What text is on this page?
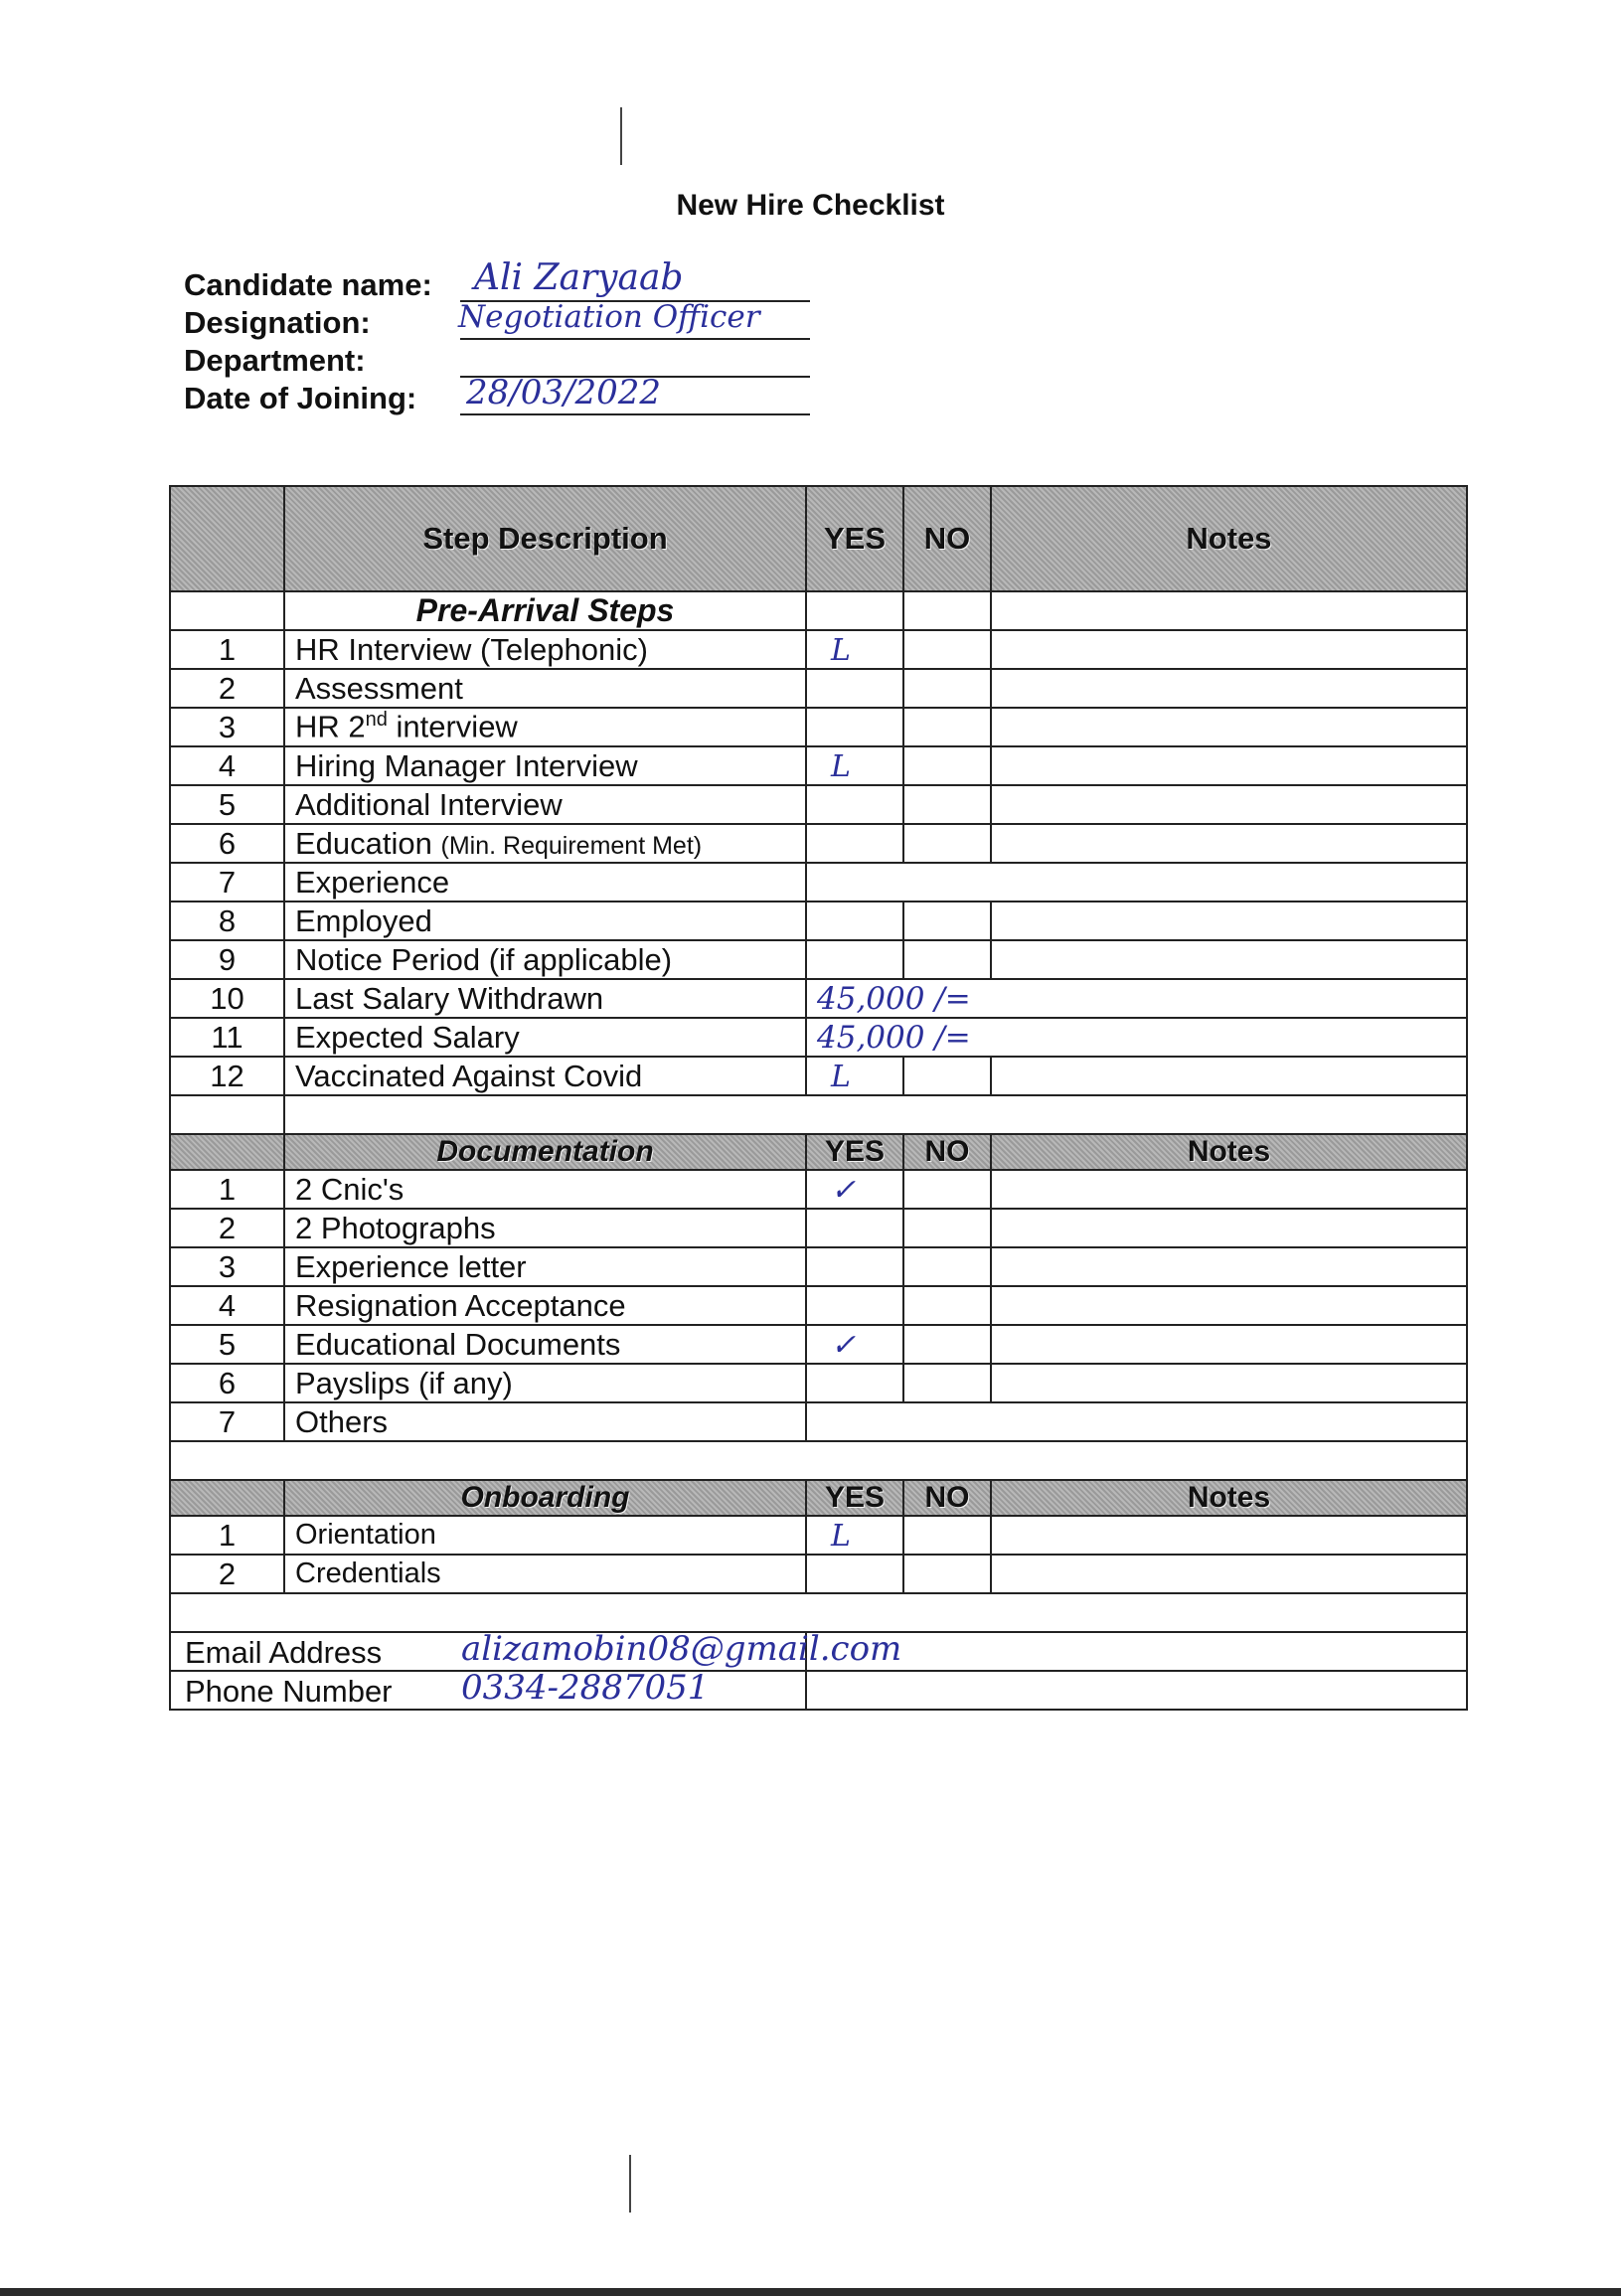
New Hire Checklist
Candidate name: Ali Zaryaab
Designation:	Negotiation Officer
Department:
Date of Joining: 28/03/2022
	Step Description	YES	NO	Notes
	Pre-Arrival Steps			
1	HR Interview (Telephonic)	L		
2	Assessment			
3	HR 2nd interview			
4	Hiring Manager Interview	L		
5	Additional Interview			
6	Education (Min. Requirement Met)			
7	Experience			
8	Employed			
9	Notice Period (if applicable)			
10	Last Salary Withdrawn	45,000 /=		
11	Expected Salary	45,000 /=		
12	Vaccinated Against Covid	L		

	Documentation	YES	NO	Notes
1	2 Cnic's	✓		
2	2 Photographs			
3	Experience letter			
4	Resignation Acceptance			
5	Educational Documents	✓		
6	Payslips (if any)			
7	Others			

	Onboarding	YES	NO	Notes
1	Orientation	L		
2	Credentials			

Email Address alizamobin08@gmail.com				

Phone Number 0334-2887051				
